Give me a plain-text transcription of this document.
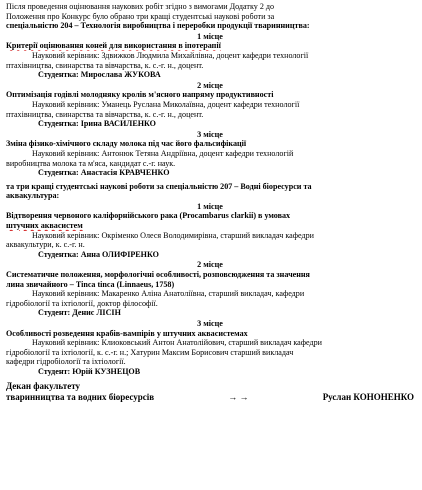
Після проведення оцінювання наукових робіт згідно з вимогами Додатку 2 до
Положення про Конкурс було обрано три кращі студентські наукові роботи за
спеціальністю 204 – Технологія виробництва і переробки продукції тваринництва:
1 місце
Критерії оцінювання коней для використання в іпотерапії
Науковий керівник: Здвижков Людмила Михайлівна, доцент кафедри технології
птахівництва, свинарства та вівчарства, к. с.-г. н., доцент.
Студентка: Мирослава ЖУКОВА
2 місце
Оптимізація годівлі молодняку кролів м'ясного напряму продуктивності
Науковий керівник: Уманець Руслана Миколаївна, доцент кафедри технології
птахівництва, свинарства та вівчарства, к. с.-г. н., доцент.
Студентка: Ірина ВАСИЛЕНКО
3 місце
Зміна фізико-хімічного складу молока під час його фальсифікації
Науковий керівник: Антонюк Тетяна Андріївна, доцент кафедри технологій
виробництва молока та м'яса, кандидат с.-г. наук.
Студентка: Анастасія КРАВЧЕНКО
та три кращі студентські наукові роботи за спеціальністю 207 – Водні біоресурси та
аквакультура:
1 місце
Відтворення червоного каліфорнійського рака (Procambarus clarkii) в умовах
штучних аквасистем
Науковий керівник: Окріменко Олеся Володимирівна, старший викладач кафедри
аквакультури, к. с.-г. н.
Студентка: Анна ОЛИФІРЕНКО
2 місце
Систематичне положення, морфологічні особливості, розповсюдження та значення
лина звичайного – Tinca tinca (Linnaeus, 1758)
Науковий керівник: Макаренко Аліна Анатоліївна, старший викладач, кафедри
гідробіології та іхтіології, доктор філософії.
Студент: Денис ЛІСІН
3 місце
Особливості розведення крабів-вампірів у штучних аквасистемах
Науковий керівник: Клиоковський Антон Анатолійович, старший викладач кафедри
гідробіології та іхтіології, к. с.-г. н.; Хатурин Максим Борисович старший викладач
кафедри гідробіології та іхтіології.
Студент: Юрій КУЗНЕЦОВ
Декан факультету
тваринництва та водних біоресурсів	→ →	Руслан КОНОНЕНКО
